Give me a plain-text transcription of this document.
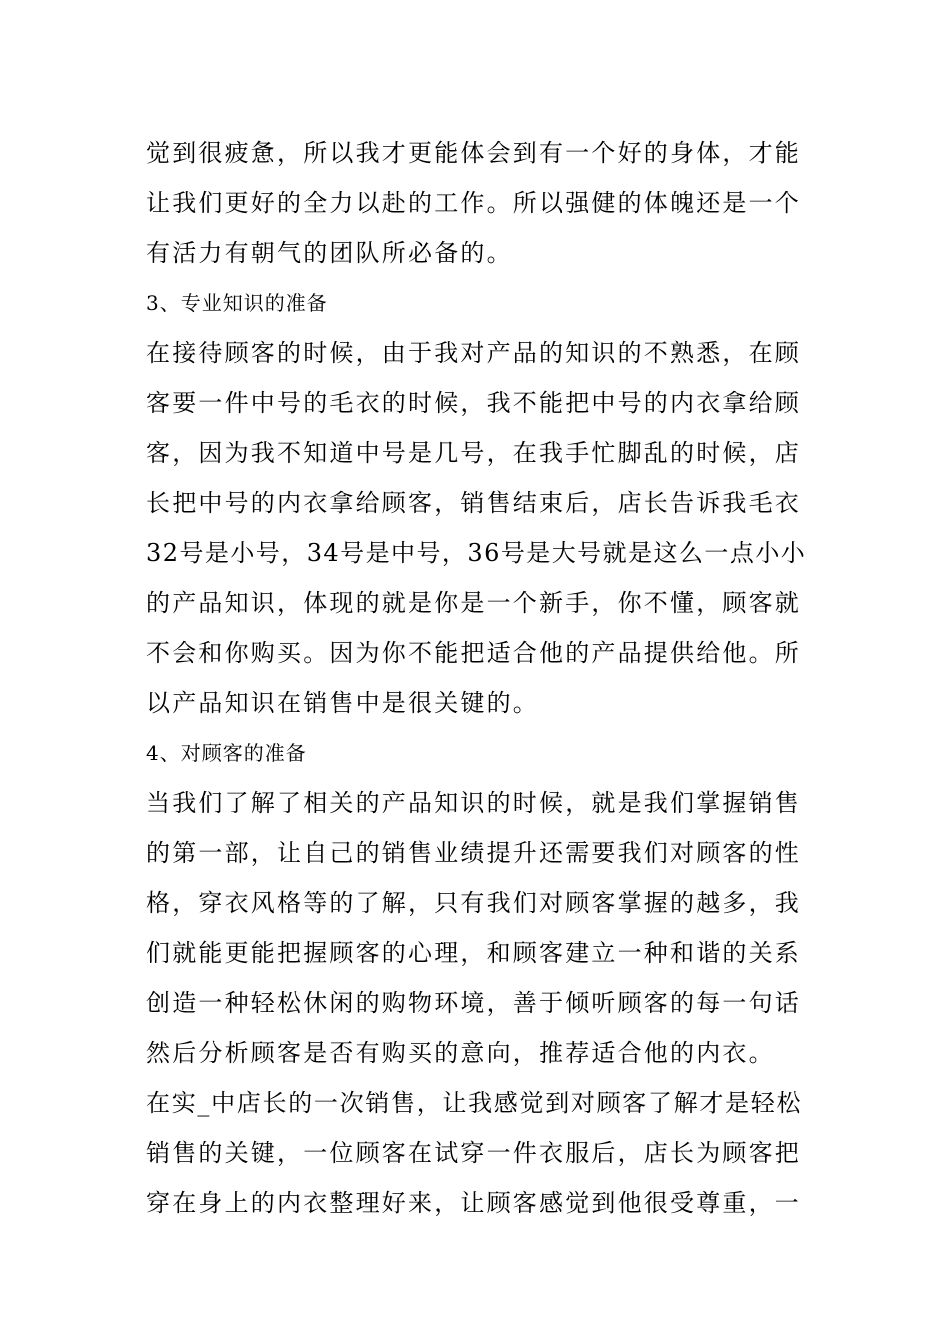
觉到很疲惫，所以我才更能体会到有一个好的身体，才能
让我们更好的全力以赴的工作。所以强健的体魄还是一个
有活力有朝气的团队所必备的。
3、专业知识的准备
在接待顾客的时候，由于我对产品的知识的不熟悉，在顾
客要一件中号的毛衣的时候，我不能把中号的内衣拿给顾
客，因为我不知道中号是几号，在我手忙脚乱的时候，店
长把中号的内衣拿给顾客，销售结束后，店长告诉我毛衣
32号是小号，34号是中号，36号是大号就是这么一点小小
的产品知识，体现的就是你是一个新手，你不懂，顾客就
不会和你购买。因为你不能把适合他的产品提供给他。所
以产品知识在销售中是很关键的。
4、对顾客的准备
当我们了解了相关的产品知识的时候，就是我们掌握销售
的第一部，让自己的销售业绩提升还需要我们对顾客的性
格，穿衣风格等的了解，只有我们对顾客掌握的越多，我
们就能更能把握顾客的心理，和顾客建立一种和谐的关系
创造一种轻松休闲的购物环境，善于倾听顾客的每一句话
然后分析顾客是否有购买的意向，推荐适合他的内衣。
在实_中店长的一次销售，让我感觉到对顾客了解才是轻松
销售的关键，一位顾客在试穿一件衣服后，店长为顾客把
穿在身上的内衣整理好来，让顾客感觉到他很受尊重，一
